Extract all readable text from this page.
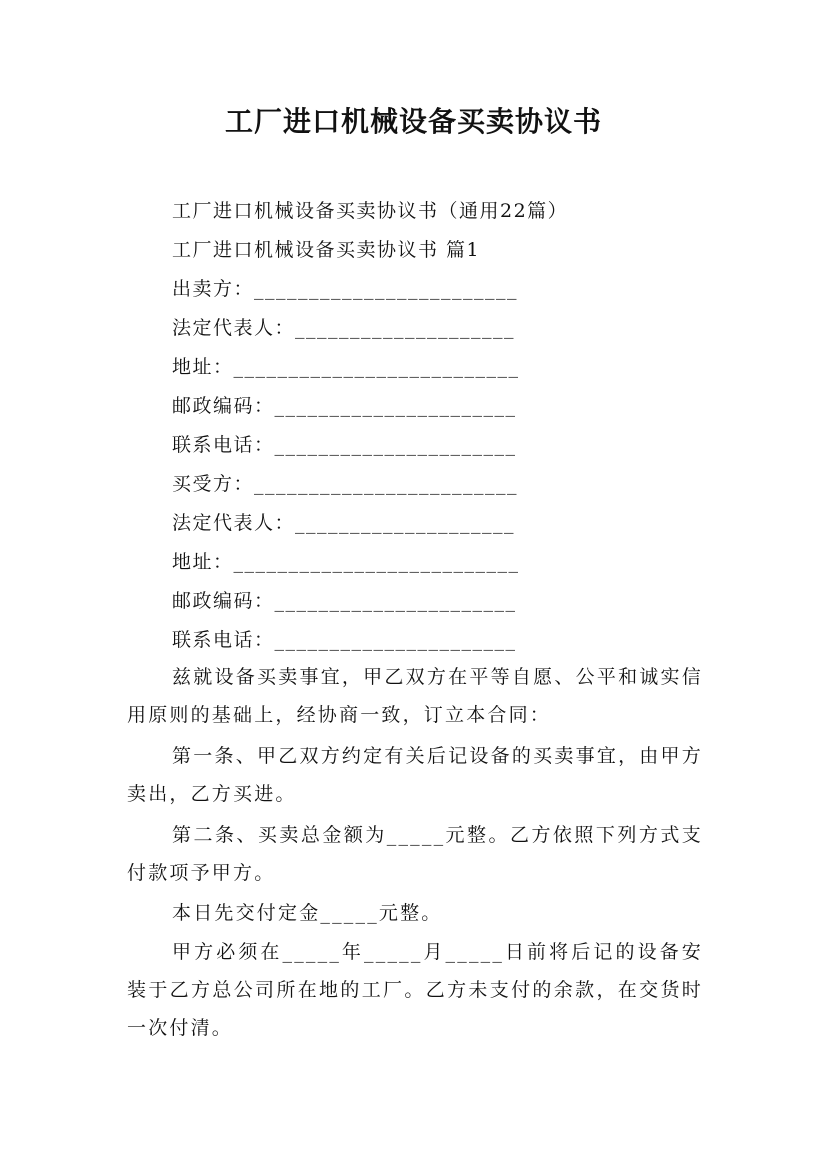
工厂进口机械设备买卖协议书
工厂进口机械设备买卖协议书（通用22篇）
工厂进口机械设备买卖协议书 篇1
出卖方：________________________
法定代表人：____________________
地址：__________________________
邮政编码：______________________
联系电话：______________________
买受方：________________________
法定代表人：____________________
地址：__________________________
邮政编码：______________________
联系电话：______________________
兹就设备买卖事宜，甲乙双方在平等自愿、公平和诚实信用原则的基础上，经协商一致，订立本合同：
第一条、甲乙双方约定有关后记设备的买卖事宜，由甲方卖出，乙方买进。
第二条、买卖总金额为_____元整。乙方依照下列方式支付款项予甲方。
本日先交付定金_____元整。
甲方必须在_____年_____月_____日前将后记的设备安装于乙方总公司所在地的工厂。乙方未支付的余款，在交货时一次付清。
